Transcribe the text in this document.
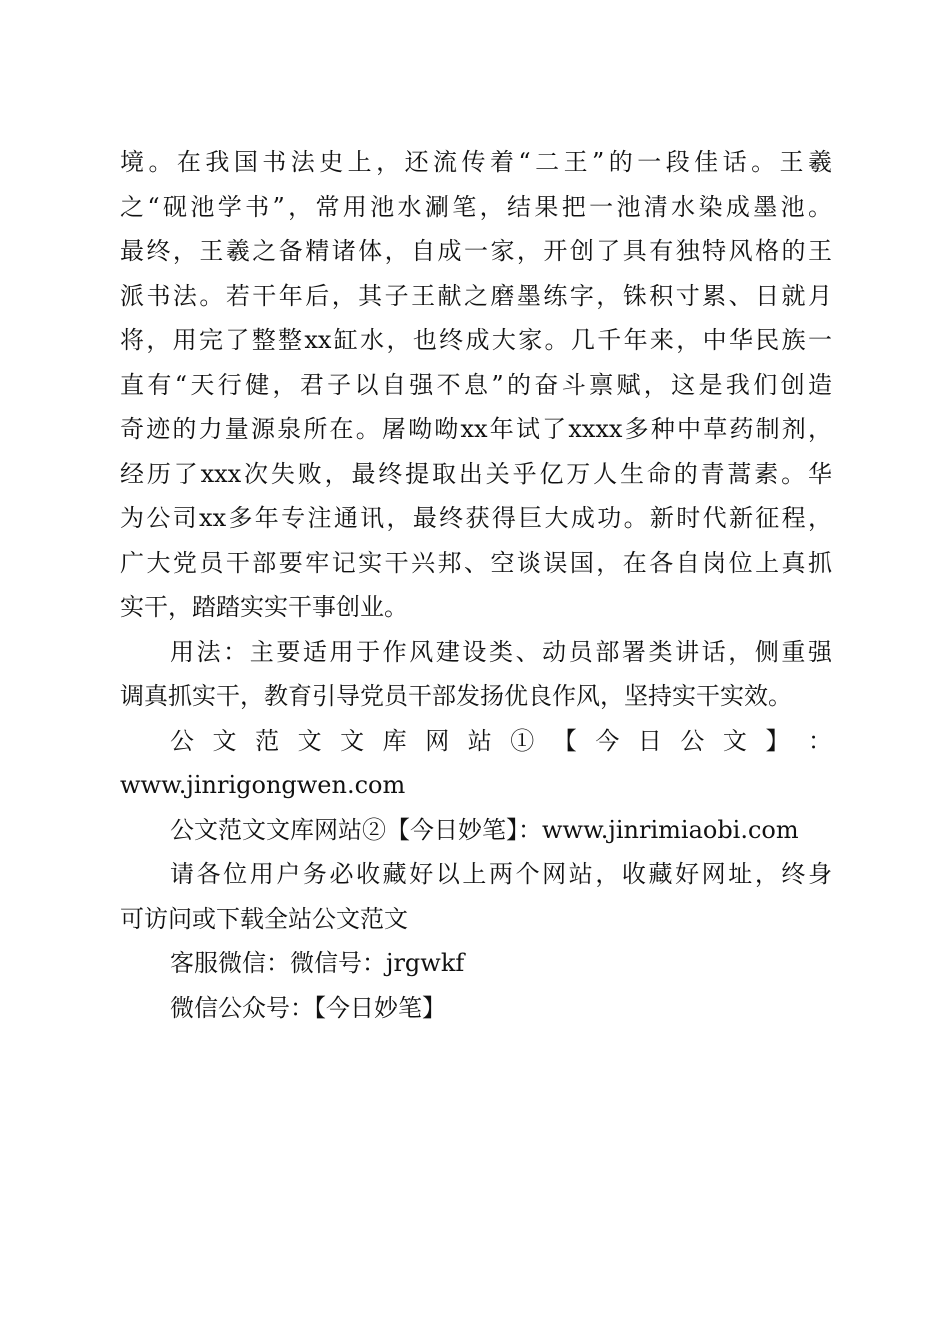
境。在我国书法史上，还流传着“二王”的一段佳话。王羲
之“砚池学书”，常用池水涮笔，结果把一池清水染成墨池。
最终，王羲之备精诸体，自成一家，开创了具有独特风格的王
派书法。若干年后，其子王献之磨墨练字，铢积寸累、日就月
将，用完了整整xx缸水，也终成大家。几千年来，中华民族一
直有“天行健，君子以自强不息”的奋斗禀赋，这是我们创造
奇迹的力量源泉所在。屠呦呦xx年试了xxxx多种中草药制剂，
经历了xxx次失败，最终提取出关乎亿万人生命的青蒿素。华
为公司xx多年专注通讯，最终获得巨大成功。新时代新征程，
广大党员干部要牢记实干兴邦、空谈误国，在各自岗位上真抓
实干，踏踏实实干事创业。
用法：主要适用于作风建设类、动员部署类讲话，侧重强
调真抓实干，教育引导党员干部发扬优良作风，坚持实干实效。
公 文 范 文 文 库 网 站 ① 【 今 日 公 文 】 ：
www.jinrigongwen.com
公文范文文库网站②【今日妙笔】：www.jinrimiaobi.com
请各位用户务必收藏好以上两个网站，收藏好网址，终身
可访问或下载全站公文范文
客服微信：微信号：jrgwkf
微信公众号：【今日妙笔】
